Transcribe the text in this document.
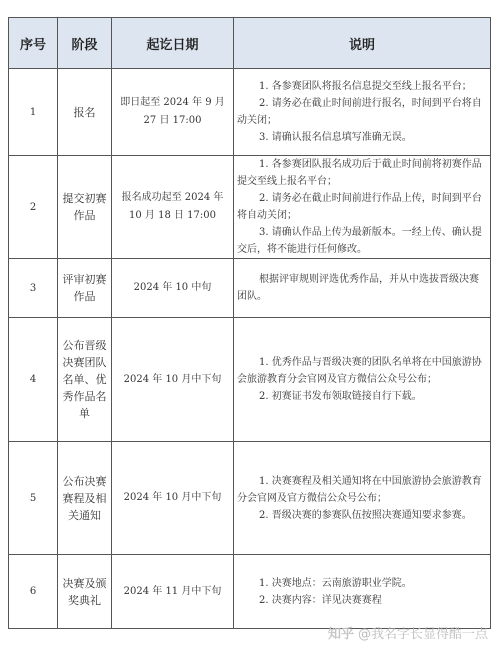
序号	阶段	起讫日期	说明
1	报名	即日起至 2024 年 9 月 27 日 17:00	1. 各参赛团队将报名信息提交至线上报名平台；
2. 请务必在截止时间前进行报名，时间到平台将自动关闭；
3. 请确认报名信息填写准确无误。

2	提交初赛作品	报名成功起至 2024 年 10 月 18 日 17:00	1. 各参赛团队报名成功后于截止时间前将初赛作品提交至线上报名平台；
2. 请务必在截止时间前进行作品上传，时间到平台将自动关闭；
3. 请确认作品上传为最新版本。一经上传、确认提交后，将不能进行任何修改。

3	评审初赛作品	2024 年 10 中旬	根据评审规则评选优秀作品，并从中选拔晋级决赛团队。

4	公布晋级决赛团队名单、优秀作品名单	2024 年 10 月中下旬	1. 优秀作品与晋级决赛的团队名单将在中国旅游协会旅游教育分会官网及官方微信公众号公布；
2. 初赛证书发布领取链接自行下载。

5	公布决赛赛程及相关通知	2024 年 10 月中下旬	1. 决赛赛程及相关通知将在中国旅游协会旅游教育分会官网及官方微信公众号公布；
2. 晋级决赛的参赛队伍按照决赛通知要求参赛。

6	决赛及颁奖典礼	2024 年 11 月中下旬	1. 决赛地点：云南旅游职业学院。
2. 决赛内容：详见决赛赛程
知乎 @我名字长显得酷一点
